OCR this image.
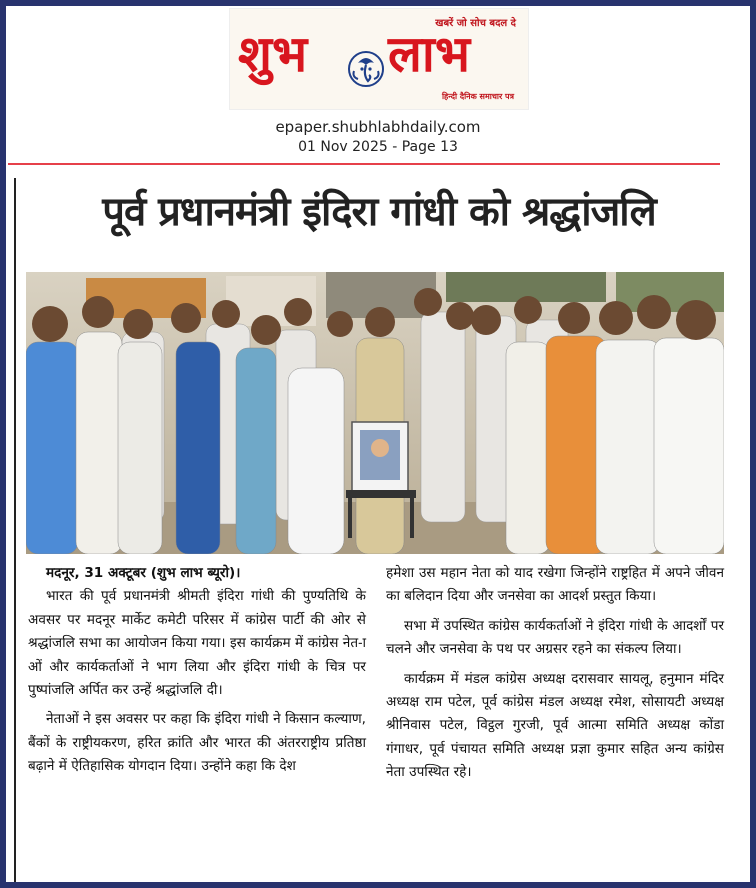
खबरें जो सोच बदल दे
शुभ लाभ
हिन्दी दैनिक समाचार पत्र
epaper.shubhlabhdaily.com
01 Nov 2025 - Page 13
पूर्व प्रधानमंत्री इंदिरा गांधी को श्रद्धांजलि
मदनूर, 31 अक्टूबर (शुभ लाभ ब्यूरो)।

भारत की पूर्व प्रधानमंत्री श्रीमती इंदिरा गांधी की पुण्यतिथि के अवसर पर मदनूर मार्केट कमेटी परिसर में कांग्रेस पार्टी की ओर से श्रद्धांजलि सभा का आयोजन किया गया। इस कार्यक्रम में कांग्रेस नेत-ाओं और कार्यकर्ताओं ने भाग लिया और इंदिरा गांधी के चित्र पर पुष्पांजलि अर्पित कर उन्हें श्रद्धांजलि दी।

नेताओं ने इस अवसर पर कहा कि इंदिरा गांधी ने किसान कल्याण, बैंकों के राष्ट्रीयकरण, हरित क्रांति और भारत की अंतरराष्ट्रीय प्रतिष्ठा बढ़ाने में ऐतिहासिक योगदान दिया। उन्होंने कहा कि देश

हमेशा उस महान नेता को याद रखेगा जिन्होंने राष्ट्रहित में अपने जीवन का बलिदान दिया और जनसेवा का आदर्श प्रस्तुत किया।

सभा में उपस्थित कांग्रेस कार्यकर्ताओं ने इंदिरा गांधी के आदर्शों पर चलने और जनसेवा के पथ पर अग्रसर रहने का संकल्प लिया।

कार्यक्रम में मंडल कांग्रेस अध्यक्ष दरासवार सायलू, हनुमान मंदिर अध्यक्ष राम पटेल, पूर्व कांग्रेस मंडल अध्यक्ष रमेश, सोसायटी अध्यक्ष श्रीनिवास पटेल, विट्ठल गुरजी, पूर्व आत्मा समिति अध्यक्ष कोंडा गंगाधर, पूर्व पंचायत समिति अध्यक्ष प्रज्ञा कुमार सहित अन्य कांग्रेस नेता उपस्थित रहे।
